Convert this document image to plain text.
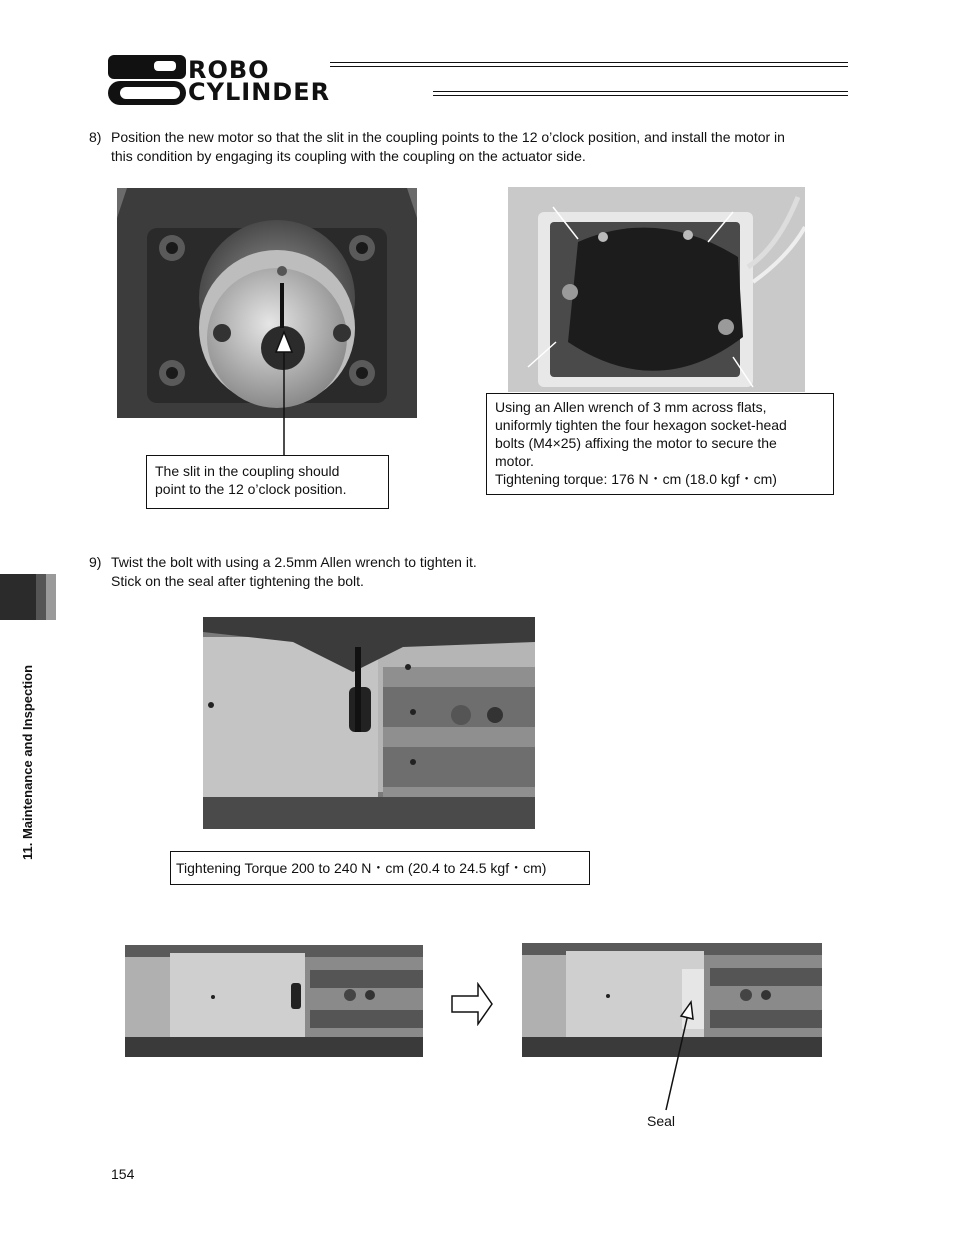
ROBO
CYLINDER
11. Maintenance and Inspection
8) Position the new motor so that the slit in the coupling points to the 12 o’clock position, and install the motor in
this condition by engaging its coupling with the coupling on the actuator side.
The slit in the coupling should
point to the 12 o’clock position.
Using an Allen wrench of 3 mm across flats,
uniformly tighten the four hexagon socket-head
bolts (M4×25) affixing the motor to secure the
motor.
Tightening torque: 176 N・cm (18.0 kgf・cm)
9) Twist the bolt with using a 2.5mm Allen wrench to tighten it.
Stick on the seal after tightening the bolt.
Tightening Torque 200 to 240 N・cm (20.4 to 24.5 kgf・cm)
Seal
154
